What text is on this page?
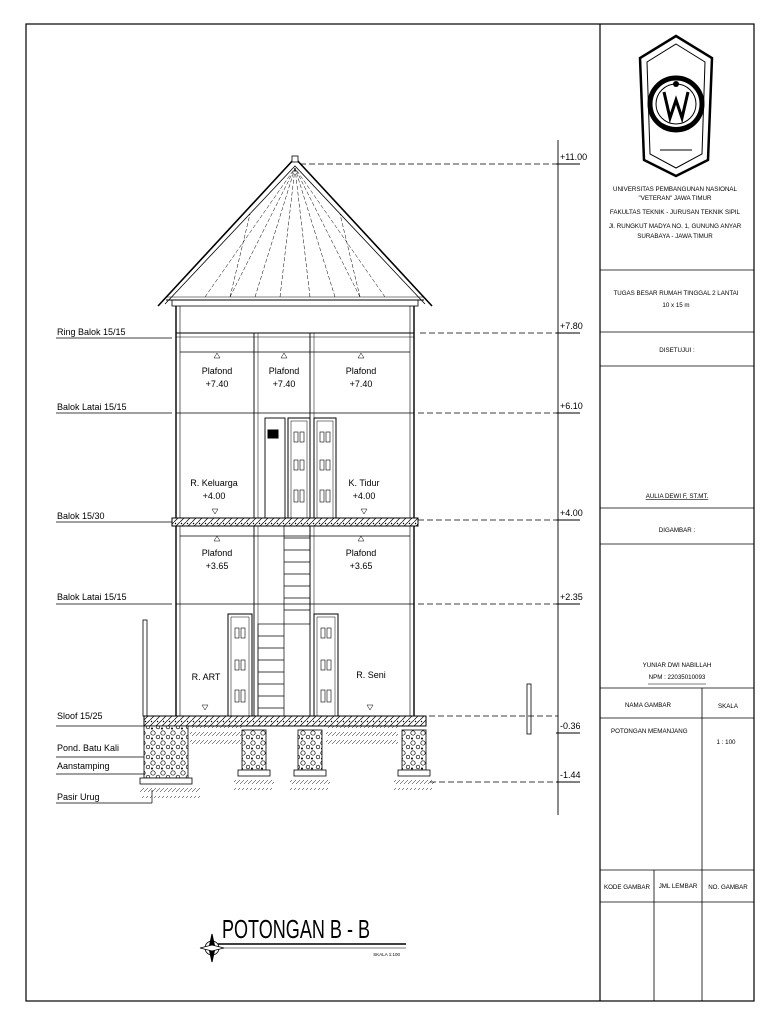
+11.00
+7.80
+6.10
+4.00
+2.35
-0.36
-1.44
Ring Balok 15/15
Balok Latai 15/15
Balok 15/30
Balok Latai 15/15
Sloof 15/25
Pond. Batu Kali
Aanstamping
Pasir Urug
Plafond
+7.40
Plafond
+7.40
Plafond
+7.40
R. Keluarga
+4.00
K. Tidur
+4.00
Plafond
+3.65
Plafond
+3.65
R. ART	R. Seni
POTONGAN B - B
SKALA 1:100
UNIVERSITAS PEMBANGUNAN NASIONAL
"VETERAN" JAWA TIMUR
FAKULTAS TEKNIK - JURUSAN TEKNIK SIPIL
Jl. RUNGKUT MADYA NO. 1, GUNUNG ANYAR
SURABAYA - JAWA TIMUR
TUGAS BESAR RUMAH TINGGAL 2 LANTAI
10 x 15 m
DISETUJUI :
AULIA DEWI F, ST.MT.
DIGAMBAR :
YUNIAR DWI NABILLAH
NPM : 22035010093
NAMA GAMBAR	SKALA
POTONGAN MEMANJANG
1 : 100
KODE GAMBAR JML LEMBAR NO. GAMBAR
